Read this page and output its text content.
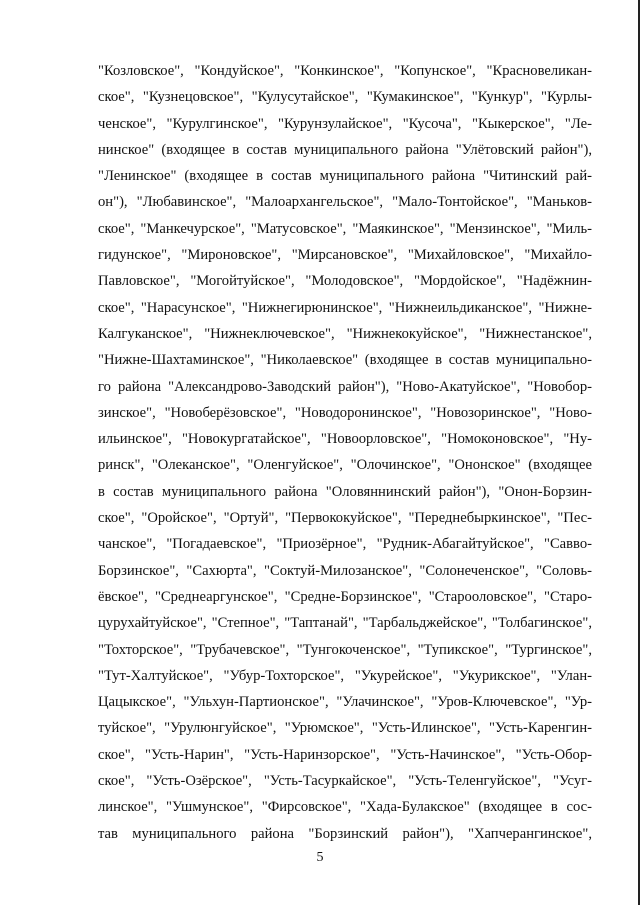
"Козловское", "Кондуйское", "Конкинское", "Копунское", "Красновеликан-
ское", "Кузнецовское", "Кулусутайское", "Кумакинское", "Кункур", "Курлы-
ченское", "Курулгинское", "Курунзулайское", "Кусоча", "Кыкерское", "Ле-
нинское" (входящее в состав муниципального района "Улётовский район"),
"Ленинское" (входящее в состав муниципального района "Читинский рай-
он"), "Любавинское", "Малоархангельское", "Мало-Тонтойское", "Маньков-
ское", "Манкечурское", "Матусовское", "Маякинское", "Мензинское", "Миль-
гидунское", "Мироновское", "Мирсановское", "Михайловское", "Михайло-
Павловское", "Могойтуйское", "Молодовское", "Мордойское", "Надёжнин-
ское", "Нарасунское", "Нижнегирюнинское", "Нижнеильдиканское", "Нижне-
Калгуканское", "Нижнеключевское", "Нижнекокуйское", "Нижнестанское",
"Нижне-Шахтаминское", "Николаевское" (входящее в состав муниципально-
го района "Александрово-Заводский район"), "Ново-Акатуйское", "Новобор-
зинское", "Новоберёзовское", "Новодоронинское", "Новозоринское", "Ново-
ильинское", "Новокургатайское", "Новоорловское", "Номоконовское", "Ну-
ринск", "Олеканское", "Оленгуйское", "Олочинское", "Ононское" (входящее
в состав муниципального района "Оловяннинский район"), "Онон-Борзин-
ское", "Оройское", "Ортуй", "Первококуйское", "Переднебыркинское", "Пес-
чанское", "Погадаевское", "Приозёрное", "Рудник-Абагайтуйское", "Савво-
Борзинское", "Сахюрта", "Соктуй-Милозанское", "Солонеченское", "Соловь-
ёвское", "Среднеаргунское", "Средне-Борзинское", "Старооловское", "Старо-
цурухайтуйское", "Степное", "Таптанай", "Тарбальджейское", "Толбагинское",
"Тохторское", "Трубачевское", "Тунгокоченское", "Тупикское", "Тургинское",
"Тут-Халтуйское", "Убур-Тохторское", "Укурейское", "Укурикское", "Улан-
Цацыкское", "Ульхун-Партионское", "Улачинское", "Уров-Ключевское", "Ур-
туйское", "Урулюнгуйское", "Урюмское", "Усть-Илинское", "Усть-Каренгин-
ское", "Усть-Нарин", "Усть-Наринзорское", "Усть-Начинское", "Усть-Обор-
ское", "Усть-Озёрское", "Усть-Тасуркайское", "Усть-Теленгуйское", "Усуг-
линское", "Ушмунское", "Фирсовское", "Хада-Булакское" (входящее в сос-
тав муниципального района "Борзинский район"), "Хапчерангинское",
5
